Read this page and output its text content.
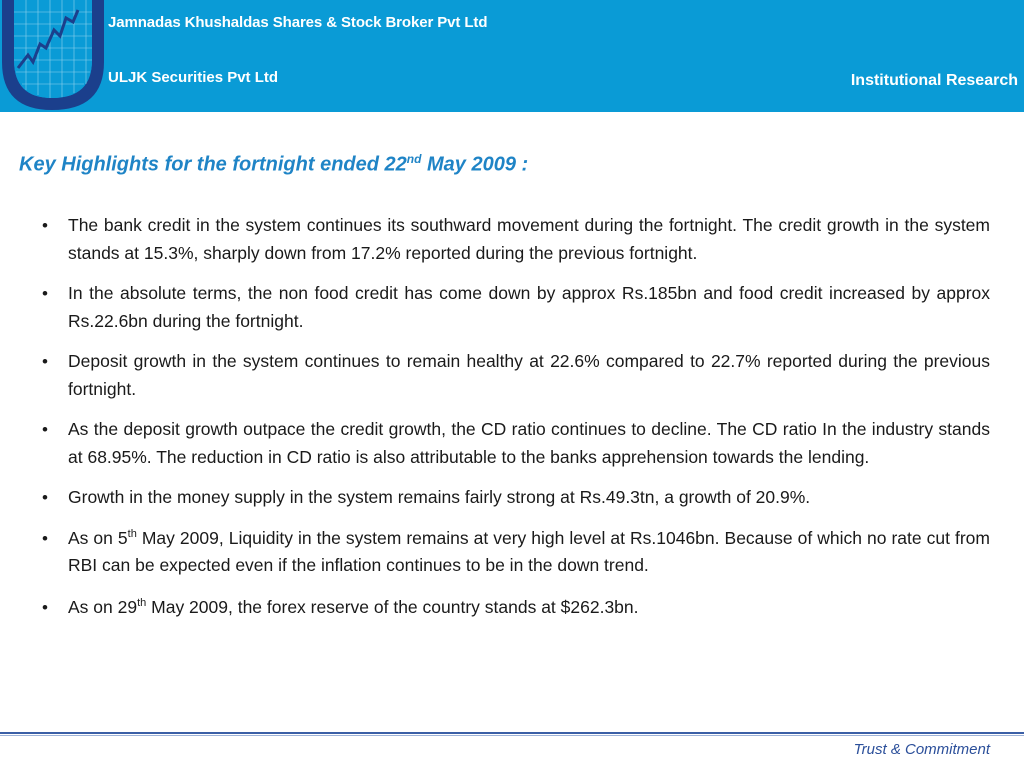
Jamnadas Khushaldas Shares & Stock Broker Pvt Ltd
ULJK Securities Pvt Ltd	Institutional Research
Key Highlights for the fortnight ended 22nd May 2009 :
•	The bank credit in the system continues its southward movement during the fortnight. The credit growth in the system stands at 15.3%, sharply down from 17.2% reported during the previous fortnight.
•	In the absolute terms, the non food credit has come down by approx Rs.185bn and food credit increased by approx Rs.22.6bn during the fortnight.
•	Deposit growth in the system continues to remain healthy at 22.6% compared to 22.7% reported during the previous fortnight.
•	As the deposit growth outpace the credit growth, the CD ratio continues to decline. The CD ratio In the industry stands at 68.95%. The reduction in CD ratio is also attributable to the banks apprehension towards the lending.
•	Growth in the money supply in the system remains fairly strong at Rs.49.3tn, a growth of 20.9%.
•	As on 5th May 2009, Liquidity in the system remains at very high level at Rs.1046bn. Because of which no rate cut from RBI can be expected even if the inflation continues to be in the down trend.
•	As on 29th May 2009, the forex reserve of the country stands at $262.3bn.
Trust & Commitment
